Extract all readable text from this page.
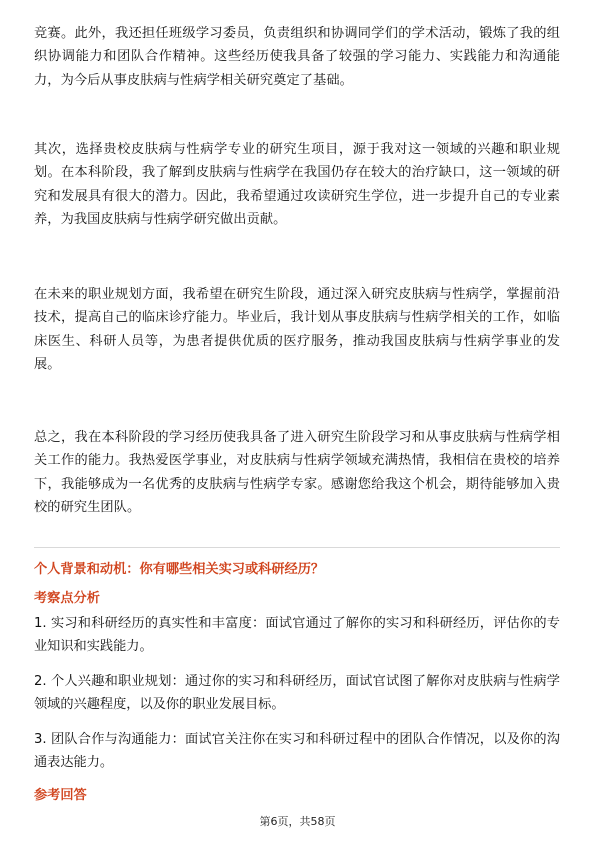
竞赛。此外，我还担任班级学习委员，负责组织和协调同学们的学术活动，锻炼了我的组织协调能力和团队合作精神。这些经历使我具备了较强的学习能力、实践能力和沟通能力，为今后从事皮肤病与性病学相关研究奠定了基础。

其次，选择贵校皮肤病与性病学专业的研究生项目，源于我对这一领域的兴趣和职业规划。在本科阶段，我了解到皮肤病与性病学在我国仍存在较大的治疗缺口，这一领域的研究和发展具有很大的潜力。因此，我希望通过攻读研究生学位，进一步提升自己的专业素养，为我国皮肤病与性病学研究做出贡献。

在未来的职业规划方面，我希望在研究生阶段，通过深入研究皮肤病与性病学，掌握前沿技术，提高自己的临床诊疗能力。毕业后，我计划从事皮肤病与性病学相关的工作，如临床医生、科研人员等，为患者提供优质的医疗服务，推动我国皮肤病与性病学事业的发展。

总之，我在本科阶段的学习经历使我具备了进入研究生阶段学习和从事皮肤病与性病学相关工作的能力。我热爱医学事业，对皮肤病与性病学领域充满热情，我相信在贵校的培养下，我能够成为一名优秀的皮肤病与性病学专家。感谢您给我这个机会，期待能够加入贵校的研究生团队。

个人背景和动机：你有哪些相关实习或科研经历？

考察点分析

1. 实习和科研经历的真实性和丰富度：面试官通过了解你的实习和科研经历，评估你的专业知识和实践能力。

2. 个人兴趣和职业规划：通过你的实习和科研经历，面试官试图了解你对皮肤病与性病学领域的兴趣程度，以及你的职业发展目标。

3. 团队合作与沟通能力：面试官关注你在实习和科研过程中的团队合作情况，以及你的沟通表达能力。

参考回答

第6页，共58页
